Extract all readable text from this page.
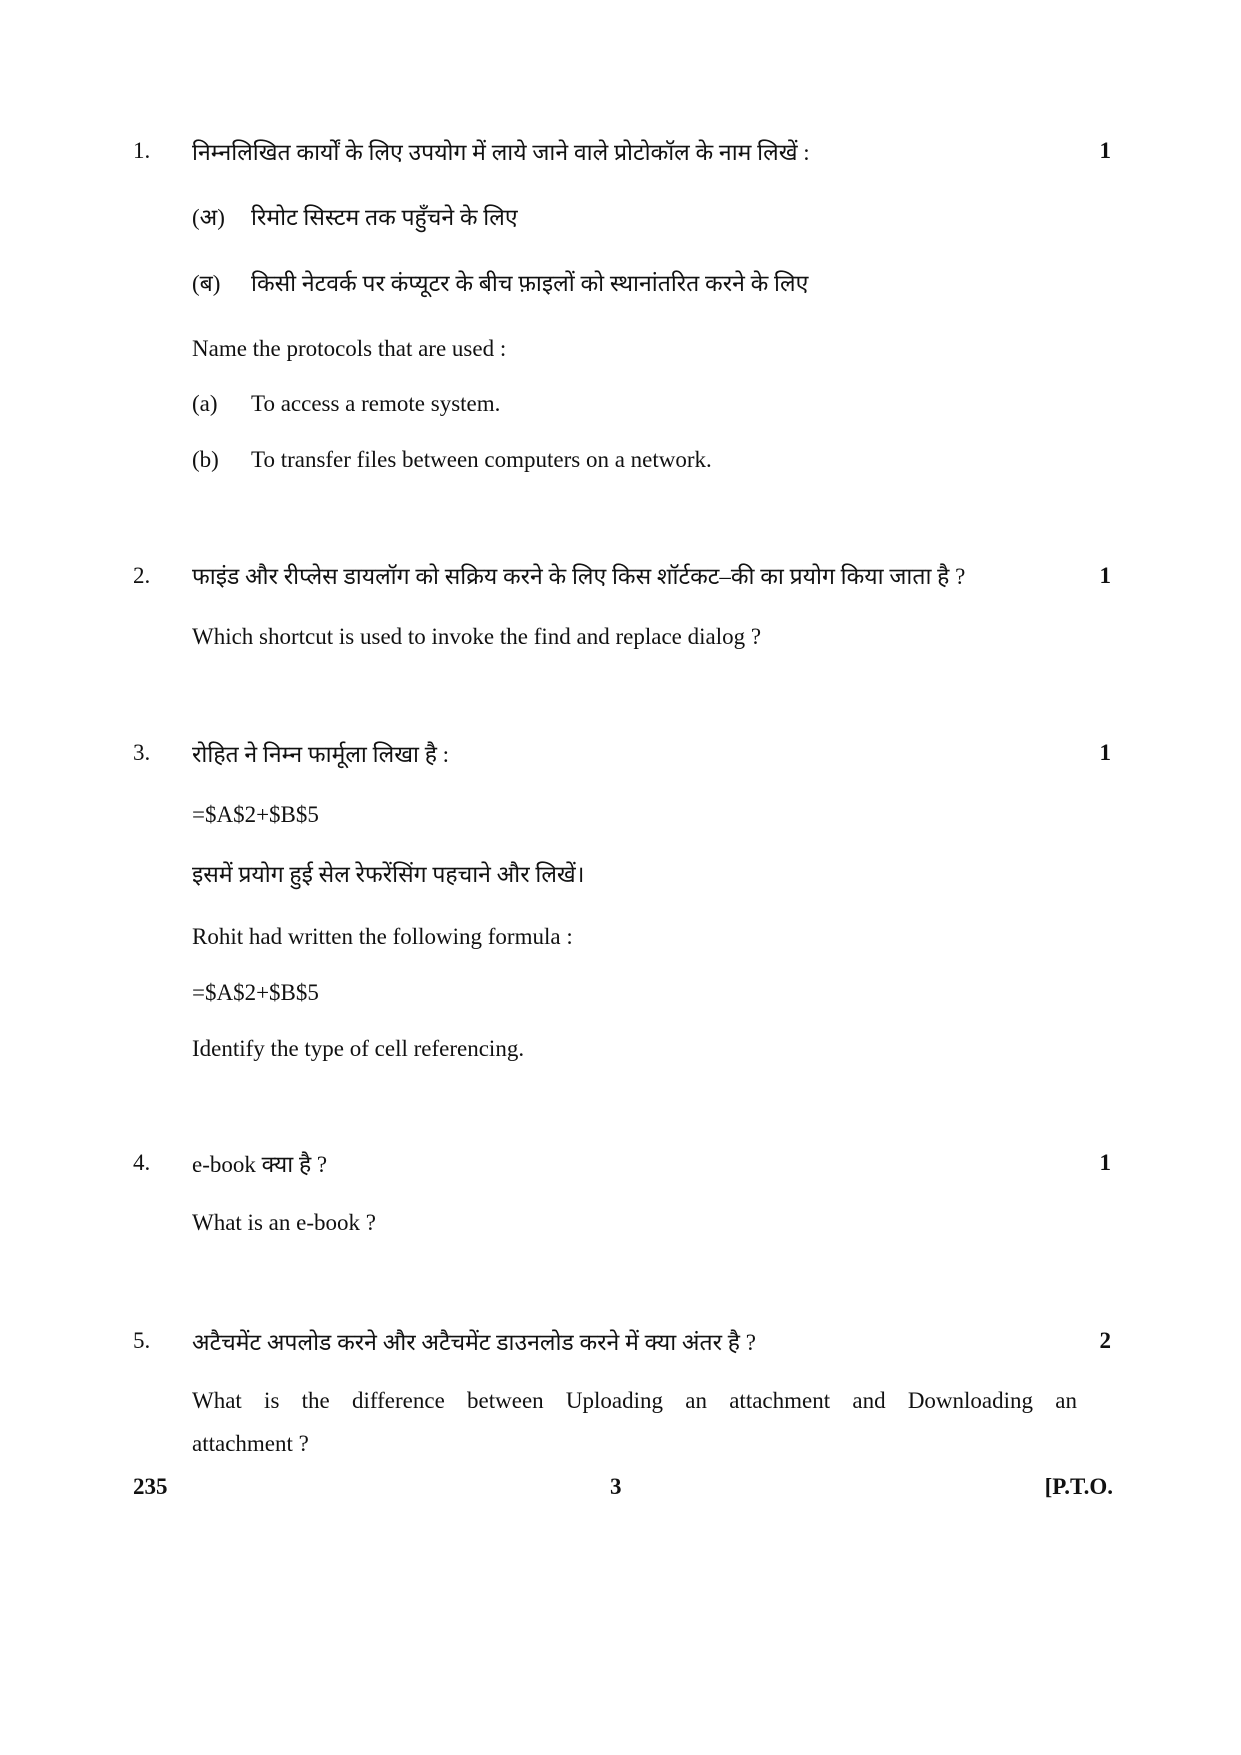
1. निम्नलिखित कार्यों के लिए उपयोग में लाये जाने वाले प्रोटोकॉल के नाम लिखें :	1
(अ) रिमोट सिस्टम तक पहुँचने के लिए
(ब) किसी नेटवर्क पर कंप्यूटर के बीच फ़ाइलों को स्थानांतरित करने के लिए
Name the protocols that are used :
(a) To access a remote system.
(b) To transfer files between computers on a network.
2. फाइंड और रीप्लेस डायलॉग को सक्रिय करने के लिए किस शॉर्टकट–की का प्रयोग किया जाता है ?	1
Which shortcut is used to invoke the find and replace dialog ?
3. रोहित ने निम्न फार्मूला लिखा है :	1
=$A$2+$B$5
इसमें प्रयोग हुई सेल रेफरेंसिंग पहचाने और लिखें।
Rohit had written the following formula :
=$A$2+$B$5
Identify the type of cell referencing.
4. e-book क्या है ?	1
What is an e-book ?
5. अटैचमेंट अपलोड करने और अटैचमेंट डाउनलोड करने में क्या अंतर है ?	2
What is the difference between Uploading an attachment and Downloading an
attachment ?
235	3	[P.T.O.
